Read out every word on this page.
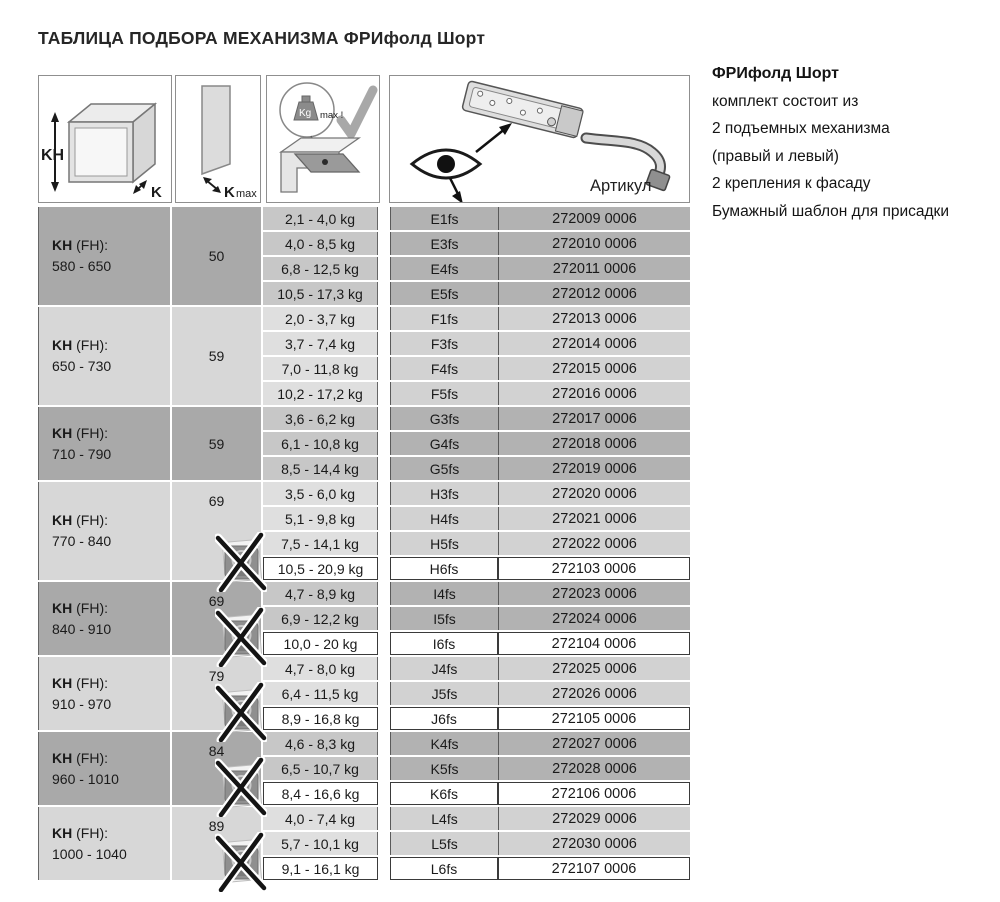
ТАБЛИЦА ПОДБОРА МЕХАНИЗМА ФРИфолд Шорт
KH
K	K max
Kg max !
Артикул
KH (FH):
580 - 650
50
2,1 - 4,0 kg	E1fs	272009 0006
4,0 - 8,5 kg	E3fs	272010 0006
6,8 - 12,5 kg	E4fs	272011 0006
10,5 - 17,3 kg	E5fs	272012 0006
KH (FH):
650 - 730
59
2,0 - 3,7 kg	F1fs	272013 0006
3,7 - 7,4 kg	F3fs	272014 0006
7,0 - 11,8 kg	F4fs	272015 0006
10,2 - 17,2 kg	F5fs	272016 0006
KH (FH):
710 - 790
59
3,6 - 6,2 kg	G3fs	272017 0006
6,1 - 10,8 kg	G4fs	272018 0006
8,5 - 14,4 kg	G5fs	272019 0006
KH (FH):
770 - 840
69	3,5 - 6,0 kg	H3fs	272020 0006
5,1 - 9,8 kg	H4fs	272021 0006
7,5 - 14,1 kg	H5fs	272022 0006
10,5 - 20,9 kg	H6fs	272103 0006
KH (FH):
840 - 910
69	4,7 - 8,9 kg	I4fs	272023 0006
6,9 - 12,2 kg	I5fs	272024 0006
10,0 - 20 kg	I6fs	272104 0006
KH (FH):
910 - 970
79	4,7 - 8,0 kg	J4fs	272025 0006
6,4 - 11,5 kg	J5fs	272026 0006
8,9 - 16,8 kg	J6fs	272105 0006
KH (FH):
960 - 1010
84	4,6 - 8,3 kg	K4fs	272027 0006
6,5 - 10,7 kg	K5fs	272028 0006
8,4 - 16,6 kg	K6fs	272106 0006
KH (FH):
1000 - 1040
89	4,0 - 7,4 kg	L4fs	272029 0006
5,7 - 10,1 kg	L5fs	272030 0006
9,1 - 16,1 kg	L6fs	272107 0006
ФРИфолд Шорт
комплект состоит из
2 подъемных механизма
(правый и левый)
2 крепления к фасаду
Бумажный шаблон для присадки
